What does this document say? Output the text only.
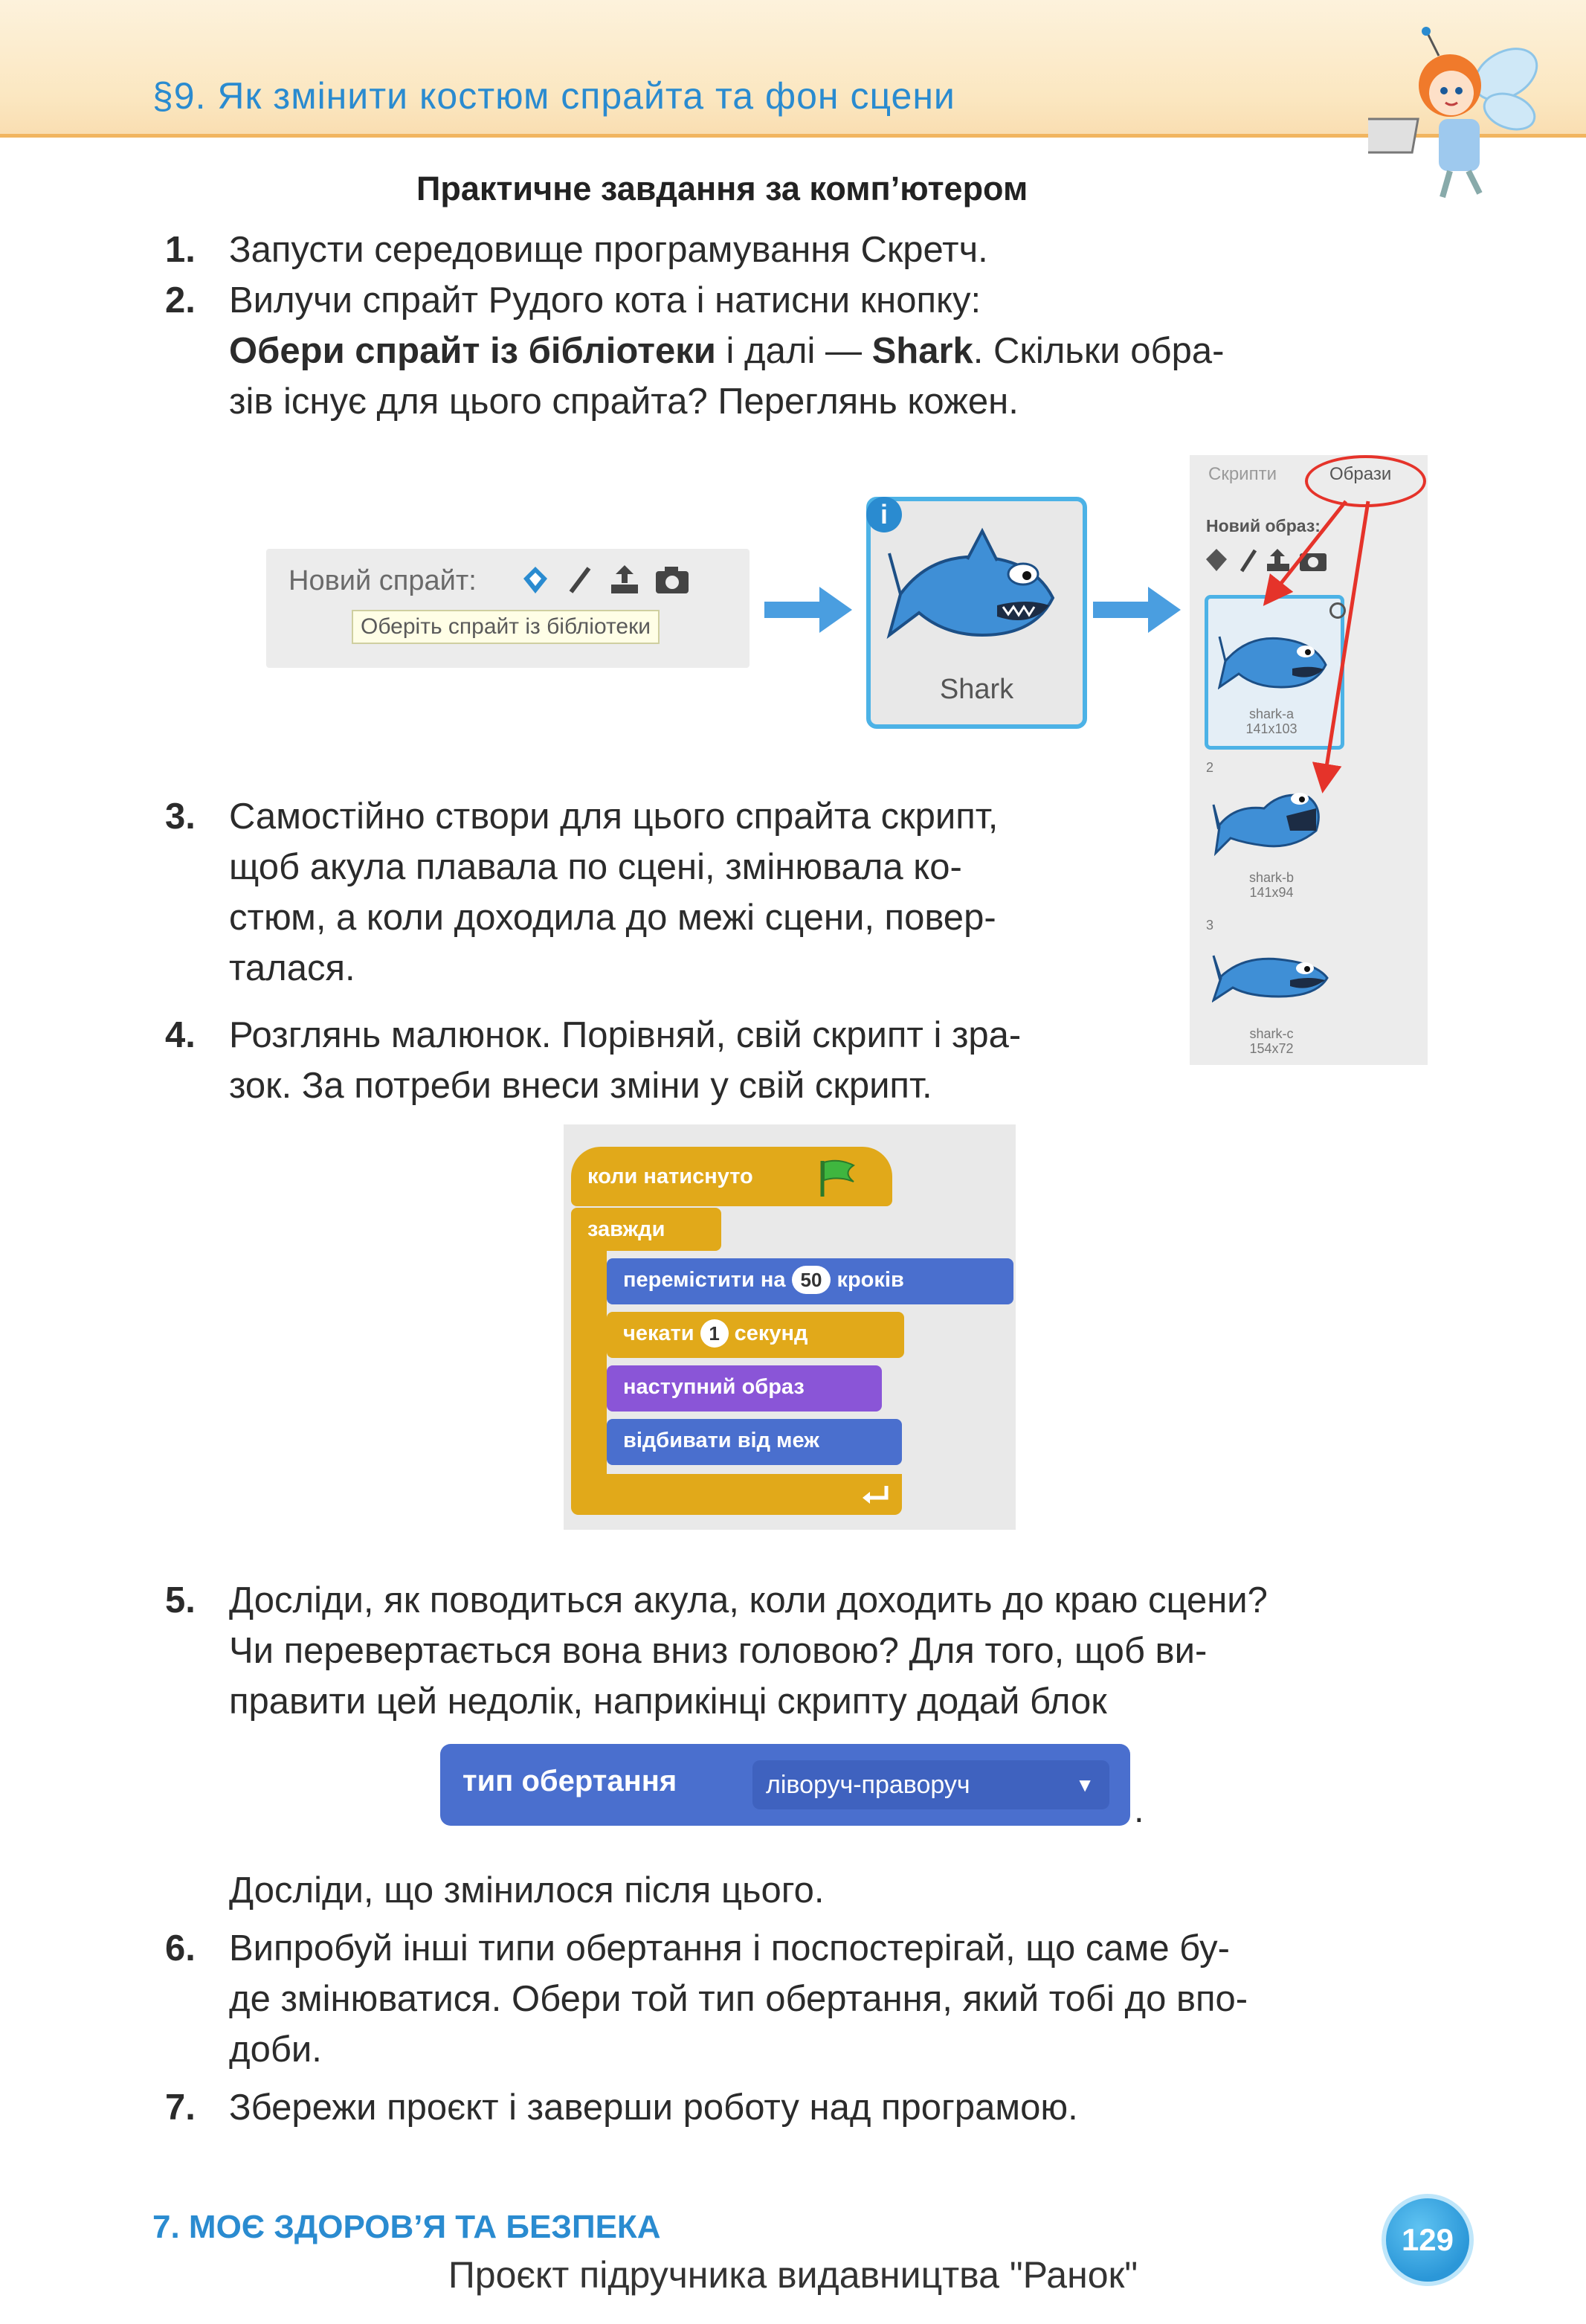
§9. Як змінити костюм спрайта та фон сцени
Практичне завдання за комп’ютером
1. Запусти середовище програмування Скретч.
2. Вилучи спрайт Рудого кота і натисни кнопку:
Обери спрайт із бібліотеки і далі — Shark. Скільки обра-
зів існує для цього спрайта? Переглянь кожен.
Новий спрайт:
Оберіть спрайт із бібліотеки
i
Shark
Скрипти	Образи
Новий образ:
shark-a
141x103
2
shark-b
141x94
3
shark-c
154x72
3. Самостійно створи для цього спрайта скрипт,
щоб акула плавала по сцені, змінювала ко-
стюм, а коли доходила до межі сцени, повер-
талася.
4. Розглянь малюнок. Порівняй, свій скрипт і зра-
зок. За потреби внеси зміни у свій скрипт.
коли натиснуто
завжди
перемістити на 50 кроків
чекати 1 секунд
наступний образ
відбивати від меж
5. Досліди, як поводиться акула, коли доходить до краю сцени?
Чи перевертається вона вниз головою? Для того, щоб ви-
правити цей недолік, наприкінці скрипту додай блок
тип обертання	ліворуч-праворуч	▼
.
Досліди, що змінилося після цього.
6. Випробуй інші типи обертання і поспостерігай, що саме бу-
де змінюватися. Обери той тип обертання, який тобі до впо-
доби.
7. Збережи проєкт і заверши роботу над програмою.
7. МОЄ ЗДОРОВ’Я ТА БЕЗПЕКА	129
Проєкт підручника видавництва "Ранок"
